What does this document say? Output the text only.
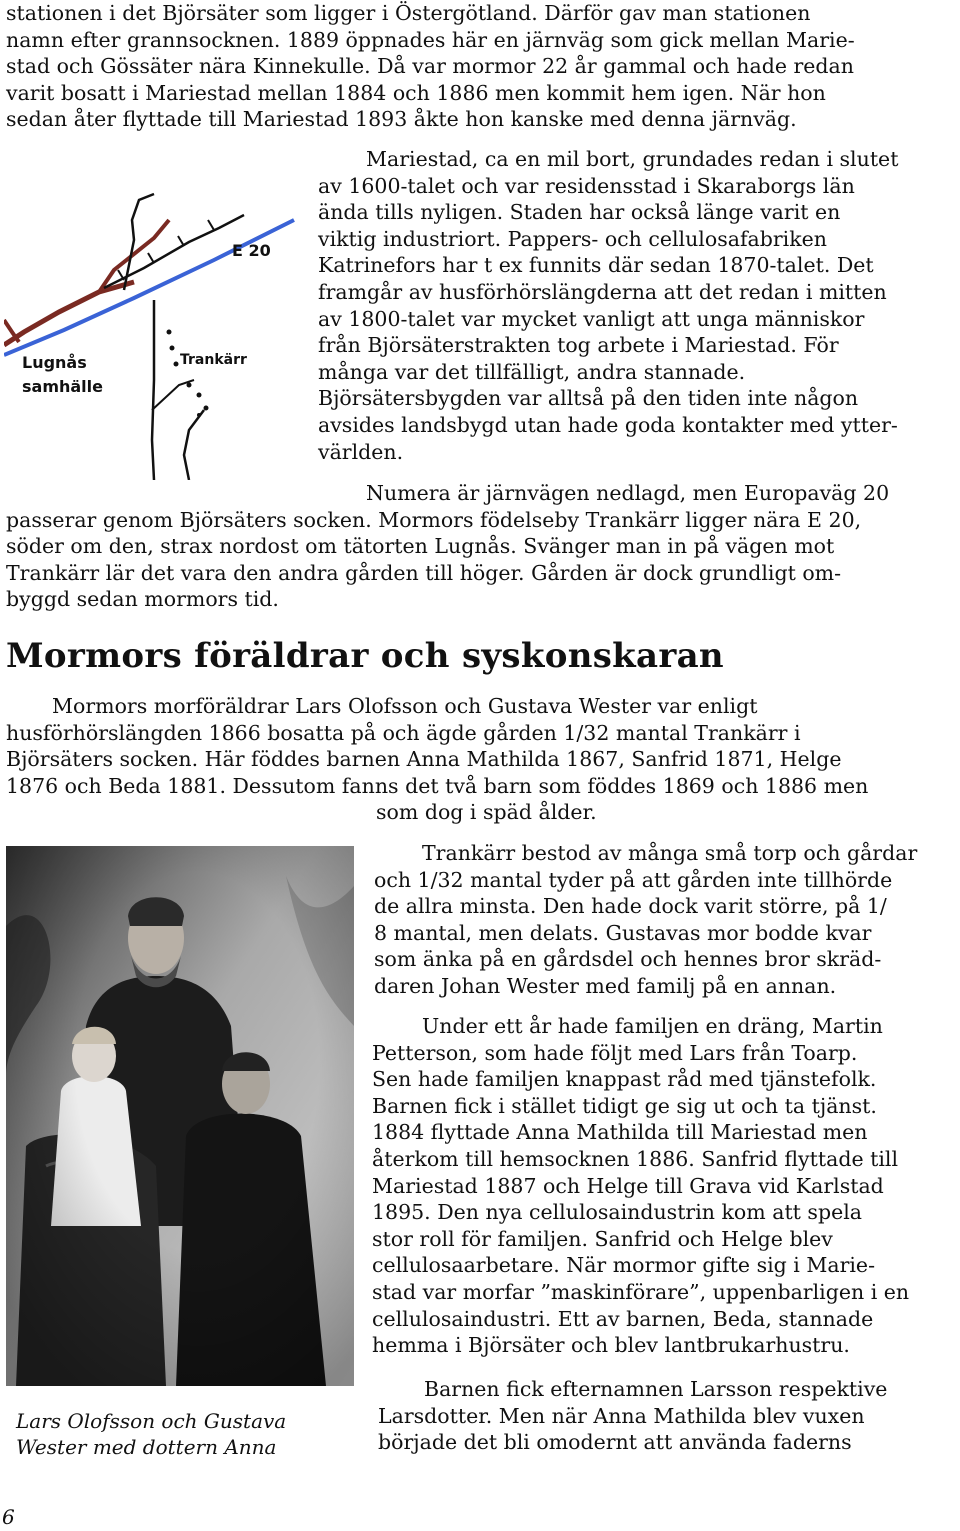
stationen i det Björsäter som ligger i Östergötland. Därför gav man stationen
namn efter grannsocknen. 1889 öppnades här en järnväg som gick mellan Marie-
stad och Gössäter nära Kinnekulle. Då var mormor 22 år gammal och hade redan
varit bosatt i Mariestad mellan 1884 och 1886 men kommit hem igen. När hon
sedan åter flyttade till Mariestad 1893 åkte hon kanske med denna järnväg.
E 20
Lugnås
samhälle
Trankärr
Mariestad, ca en mil bort, grundades redan i slutet
av 1600-talet och var residensstad i Skaraborgs län
ända tills nyligen. Staden har också länge varit en
viktig industriort. Pappers- och cellulosafabriken
Katrinefors har t ex funnits där sedan 1870-talet. Det
framgår av husförhörslängderna att det redan i mitten
av 1800-talet var mycket vanligt att unga människor
från Björsäterstrakten tog arbete i Mariestad. För
många var det tillfälligt, andra stannade.
Björsätersbygden var alltså på den tiden inte någon
avsides landsbygd utan hade goda kontakter med ytter-
världen.
Numera är järnvägen nedlagd, men Europaväg 20
passerar genom Björsäters socken. Mormors födelseby Trankärr ligger nära E 20,
söder om den, strax nordost om tätorten Lugnås. Svänger man in på vägen mot
Trankärr lär det vara den andra gården till höger. Gården är dock grundligt om-
byggd sedan mormors tid.
Mormors föräldrar och syskonskaran
Mormors morföräldrar Lars Olofsson och Gustava Wester var enligt
husförhörslängden 1866 bosatta på och ägde gården 1/32 mantal Trankärr i
Björsäters socken. Här föddes barnen Anna Mathilda 1867, Sanfrid 1871, Helge
1876 och Beda 1881. Dessutom fanns det två barn som föddes 1869 och 1886 men
som dog i späd ålder.
Lars Olofsson och Gustava
Wester med dottern Anna
Trankärr bestod av många små torp och gårdar
och 1/32 mantal tyder på att gården inte tillhörde
de allra minsta. Den hade dock varit större, på 1/
8 mantal, men delats. Gustavas mor bodde kvar
som änka på en gårdsdel och hennes bror skräd-
daren Johan Wester med familj på en annan.
Under ett år hade familjen en dräng, Martin
Petterson, som hade följt med Lars från Toarp.
Sen hade familjen knappast råd med tjänstefolk.
Barnen fick i stället tidigt ge sig ut och ta tjänst.
1884 flyttade Anna Mathilda till Mariestad men
återkom till hemsocknen 1886. Sanfrid flyttade till
Mariestad 1887 och Helge till Grava vid Karlstad
1895. Den nya cellulosaindustrin kom att spela
stor roll för familjen. Sanfrid och Helge blev
cellulosaarbetare. När mormor gifte sig i Marie-
stad var morfar ”maskinförare”, uppenbarligen i en
cellulosaindustri. Ett av barnen, Beda, stannade
hemma i Björsäter och blev lantbrukarhustru.
Barnen fick efternamnen Larsson respektive
Larsdotter. Men när Anna Mathilda blev vuxen
började det bli omodernt att använda faderns
6
